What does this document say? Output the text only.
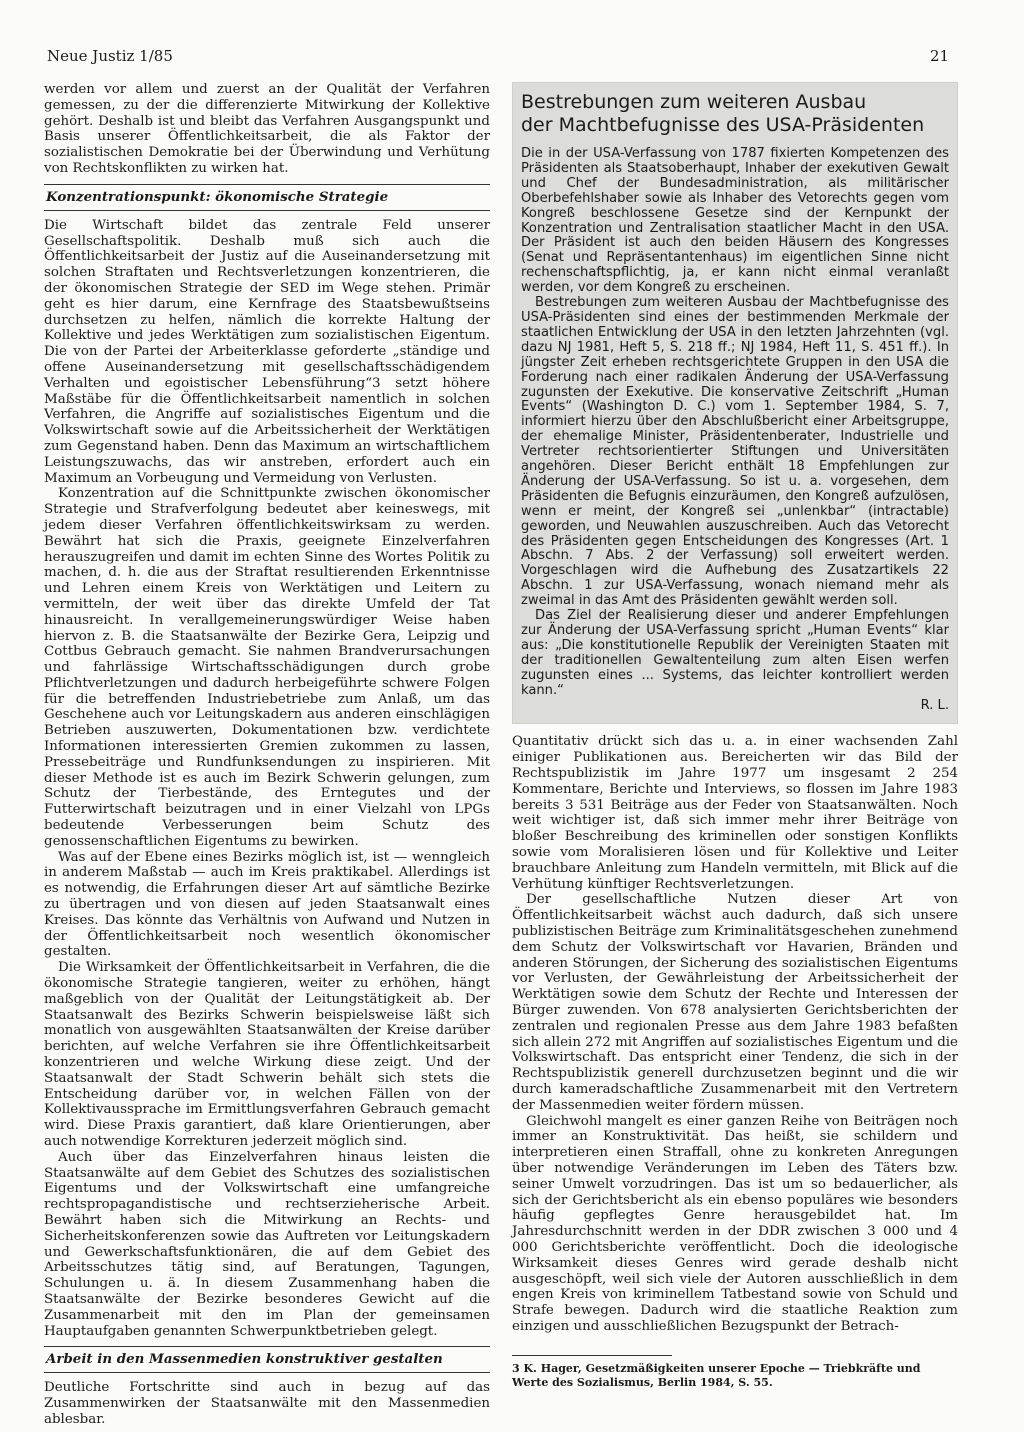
Neue Justiz 1/85	21

werden vor allem und zuerst an der Qualität der Verfahren gemessen, zu der die differenzierte Mitwirkung der Kollektive gehört. Deshalb ist und bleibt das Verfahren Ausgangspunkt und Basis unserer Öffentlichkeitsarbeit, die als Faktor der sozialistischen Demokratie bei der Überwindung und Verhütung von Rechtskonflikten zu wirken hat.

Konzentrationspunkt: ökonomische Strategie

Die Wirtschaft bildet das zentrale Feld unserer Gesellschaftspolitik. Deshalb muß sich auch die Öffentlichkeitsarbeit der Justiz auf die Auseinandersetzung mit solchen Straftaten und Rechtsverletzungen konzentrieren, die der ökonomischen Strategie der SED im Wege stehen. Primär geht es hier darum, eine Kernfrage des Staatsbewußtseins durchsetzen zu helfen, nämlich die korrekte Haltung der Kollektive und jedes Werktätigen zum sozialistischen Eigentum. Die von der Partei der Arbeiterklasse geforderte „ständige und offene Auseinandersetzung mit gesellschaftsschädigendem Verhalten und egoistischer Lebensführung“3 setzt höhere Maßstäbe für die Öffentlichkeitsarbeit namentlich in solchen Verfahren, die Angriffe auf sozialistisches Eigentum und die Volkswirtschaft sowie auf die Arbeitssicherheit der Werktätigen zum Gegenstand haben. Denn das Maximum an wirtschaftlichem Leistungszuwachs, das wir anstreben, erfordert auch ein Maximum an Vorbeugung und Vermeidung von Verlusten.

Konzentration auf die Schnittpunkte zwischen ökonomischer Strategie und Strafverfolgung bedeutet aber keineswegs, mit jedem dieser Verfahren öffentlichkeitswirksam zu werden. Bewährt hat sich die Praxis, geeignete Einzelverfahren herauszugreifen und damit im echten Sinne des Wortes Politik zu machen, d. h. die aus der Straftat resultierenden Erkenntnisse und Lehren einem Kreis von Werktätigen und Leitern zu vermitteln, der weit über das direkte Umfeld der Tat hinausreicht. In verallgemeinerungswürdiger Weise haben hiervon z. B. die Staatsanwälte der Bezirke Gera, Leipzig und Cottbus Gebrauch gemacht. Sie nahmen Brandverursachungen und fahrlässige Wirtschaftsschädigungen durch grobe Pflichtverletzungen und dadurch herbeigeführte schwere Folgen für die betreffenden Industriebetriebe zum Anlaß, um das Geschehene auch vor Leitungskadern aus anderen einschlägigen Betrieben auszuwerten, Dokumentationen bzw. verdichtete Informationen interessierten Gremien zukommen zu lassen, Pressebeiträge und Rundfunksendungen zu inspirieren. Mit dieser Methode ist es auch im Bezirk Schwerin gelungen, zum Schutz der Tierbestände, des Erntegutes und der Futterwirtschaft beizutragen und in einer Vielzahl von LPGs bedeutende Verbesserungen beim Schutz des genossenschaftlichen Eigentums zu bewirken.

Was auf der Ebene eines Bezirks möglich ist, ist — wenngleich in anderem Maßstab — auch im Kreis praktikabel. Allerdings ist es notwendig, die Erfahrungen dieser Art auf sämtliche Bezirke zu übertragen und von diesen auf jeden Staatsanwalt eines Kreises. Das könnte das Verhältnis von Aufwand und Nutzen in der Öffentlichkeitsarbeit noch wesentlich ökonomischer gestalten.

Die Wirksamkeit der Öffentlichkeitsarbeit in Verfahren, die die ökonomische Strategie tangieren, weiter zu erhöhen, hängt maßgeblich von der Qualität der Leitungstätigkeit ab. Der Staatsanwalt des Bezirks Schwerin beispielsweise läßt sich monatlich von ausgewählten Staatsanwälten der Kreise darüber berichten, auf welche Verfahren sie ihre Öffentlichkeitsarbeit konzentrieren und welche Wirkung diese zeigt. Und der Staatsanwalt der Stadt Schwerin behält sich stets die Entscheidung darüber vor, in welchen Fällen von der Kollektivaussprache im Ermittlungsverfahren Gebrauch gemacht wird. Diese Praxis garantiert, daß klare Orientierungen, aber auch notwendige Korrekturen jederzeit möglich sind.

Auch über das Einzelverfahren hinaus leisten die Staatsanwälte auf dem Gebiet des Schutzes des sozialistischen Eigentums und der Volkswirtschaft eine umfangreiche rechtspropagandistische und rechtserzieherische Arbeit. Bewährt haben sich die Mitwirkung an Rechts- und Sicherheitskonferenzen sowie das Auftreten vor Leitungskadern und Gewerkschaftsfunktionären, die auf dem Gebiet des Arbeitsschutzes tätig sind, auf Beratungen, Tagungen, Schulungen u. ä. In diesem Zusammenhang haben die Staatsanwälte der Bezirke besonderes Gewicht auf die Zusammenarbeit mit den im Plan der gemeinsamen Hauptaufgaben genannten Schwerpunktbetrieben gelegt.

Arbeit in den Massenmedien konstruktiver gestalten

Deutliche Fortschritte sind auch in bezug auf das Zusammenwirken der Staatsanwälte mit den Massenmedien ablesbar.

Bestrebungen zum weiteren Ausbau
der Machtbefugnisse des USA-Präsidenten

Die in der USA-Verfassung von 1787 fixierten Kompetenzen des Präsidenten als Staatsoberhaupt, Inhaber der exekutiven Gewalt und Chef der Bundesadministration, als militärischer Oberbefehlshaber sowie als Inhaber des Vetorechts gegen vom Kongreß beschlossene Gesetze sind der Kernpunkt der Konzentration und Zentralisation staatlicher Macht in den USA. Der Präsident ist auch den beiden Häusern des Kongresses (Senat und Repräsentantenhaus) im eigentlichen Sinne nicht rechenschaftspflichtig, ja, er kann nicht einmal veranlaßt werden, vor dem Kongreß zu erscheinen.

Bestrebungen zum weiteren Ausbau der Machtbefugnisse des USA-Präsidenten sind eines der bestimmenden Merkmale der staatlichen Entwicklung der USA in den letzten Jahrzehnten (vgl. dazu NJ 1981, Heft 5, S. 218 ff.; NJ 1984, Heft 11, S. 451 ff.). In jüngster Zeit erheben rechtsgerichtete Gruppen in den USA die Forderung nach einer radikalen Änderung der USA-Verfassung zugunsten der Exekutive. Die konservative Zeitschrift „Human Events“ (Washington D. C.) vom 1. September 1984, S. 7, informiert hierzu über den Abschlußbericht einer Arbeitsgruppe, der ehemalige Minister, Präsidentenberater, Industrielle und Vertreter rechtsorientierter Stiftungen und Universitäten angehören. Dieser Bericht enthält 18 Empfehlungen zur Änderung der USA-Verfassung. So ist u. a. vorgesehen, dem Präsidenten die Befugnis einzuräumen, den Kongreß aufzulösen, wenn er meint, der Kongreß sei „unlenkbar“ (intractable) geworden, und Neuwahlen auszuschreiben. Auch das Vetorecht des Präsidenten gegen Entscheidungen des Kongresses (Art. 1 Abschn. 7 Abs. 2 der Verfassung) soll erweitert werden. Vorgeschlagen wird die Aufhebung des Zusatzartikels 22 Abschn. 1 zur USA-Verfassung, wonach niemand mehr als zweimal in das Amt des Präsidenten gewählt werden soll.

Das Ziel der Realisierung dieser und anderer Empfehlungen zur Änderung der USA-Verfassung spricht „Human Events“ klar aus: „Die konstitutionelle Republik der Vereinigten Staaten mit der traditionellen Gewaltenteilung zum alten Eisen werfen zugunsten eines ... Systems, das leichter kontrolliert werden kann.“

R. L.

Quantitativ drückt sich das u. a. in einer wachsenden Zahl einiger Publikationen aus. Bereicherten wir das Bild der Rechtspublizistik im Jahre 1977 um insgesamt 2 254 Kommentare, Berichte und Interviews, so flossen im Jahre 1983 bereits 3 531 Beiträge aus der Feder von Staatsanwälten. Noch weit wichtiger ist, daß sich immer mehr ihrer Beiträge von bloßer Beschreibung des kriminellen oder sonstigen Konflikts sowie vom Moralisieren lösen und für Kollektive und Leiter brauchbare Anleitung zum Handeln vermitteln, mit Blick auf die Verhütung künftiger Rechtsverletzungen.

Der gesellschaftliche Nutzen dieser Art von Öffentlichkeitsarbeit wächst auch dadurch, daß sich unsere publizistischen Beiträge zum Kriminalitätsgeschehen zunehmend dem Schutz der Volkswirtschaft vor Havarien, Bränden und anderen Störungen, der Sicherung des sozialistischen Eigentums vor Verlusten, der Gewährleistung der Arbeitssicherheit der Werktätigen sowie dem Schutz der Rechte und Interessen der Bürger zuwenden. Von 678 analysierten Gerichtsberichten der zentralen und regionalen Presse aus dem Jahre 1983 befaßten sich allein 272 mit Angriffen auf sozialistisches Eigentum und die Volkswirtschaft. Das entspricht einer Tendenz, die sich in der Rechtspublizistik generell durchzusetzen beginnt und die wir durch kameradschaftliche Zusammenarbeit mit den Vertretern der Massenmedien weiter fördern müssen.

Gleichwohl mangelt es einer ganzen Reihe von Beiträgen noch immer an Konstruktivität. Das heißt, sie schildern und interpretieren einen Straffall, ohne zu konkreten Anregungen über notwendige Veränderungen im Leben des Täters bzw. seiner Umwelt vorzudringen. Das ist um so bedauerlicher, als sich der Gerichtsbericht als ein ebenso populäres wie besonders häufig gepflegtes Genre herausgebildet hat. Im Jahresdurchschnitt werden in der DDR zwischen 3 000 und 4 000 Gerichtsberichte veröffentlicht. Doch die ideologische Wirksamkeit dieses Genres wird gerade deshalb nicht ausgeschöpft, weil sich viele der Autoren ausschließlich in dem engen Kreis von kriminellem Tatbestand sowie von Schuld und Strafe bewegen. Dadurch wird die staatliche Reaktion zum einzigen und ausschließlichen Bezugspunkt der Betrach-

3 K. Hager, Gesetzmäßigkeiten unserer Epoche — Triebkräfte und Werte des Sozialismus, Berlin 1984, S. 55.
